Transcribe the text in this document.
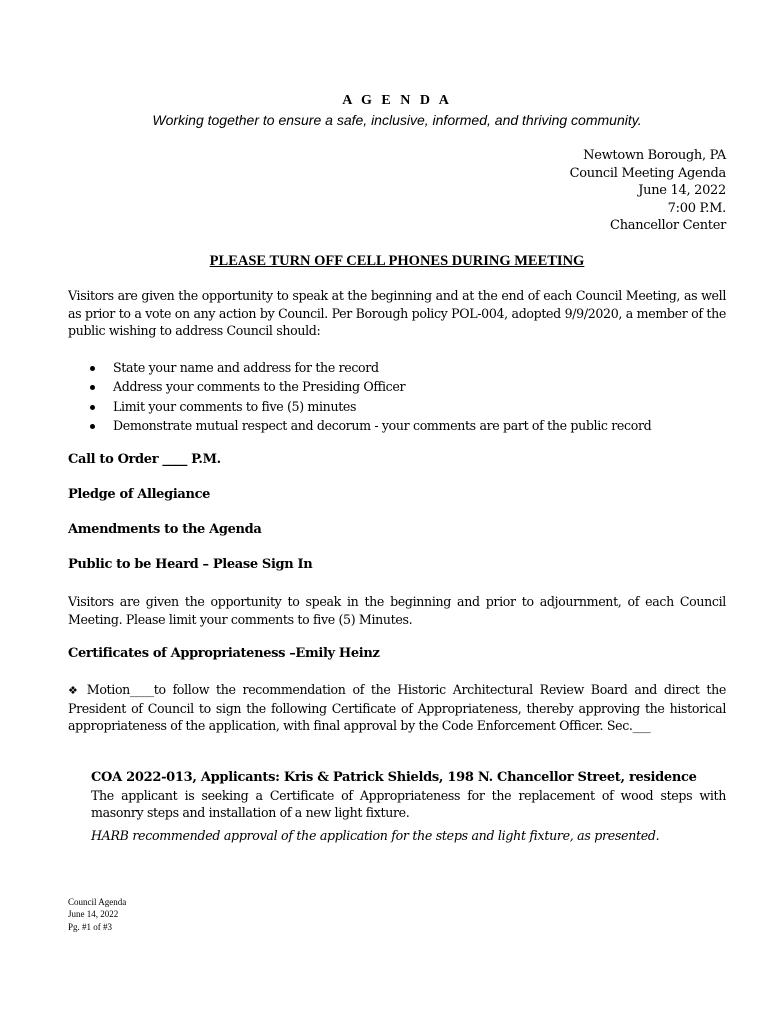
A G E N D A
Working together to ensure a safe, inclusive, informed, and thriving community.
Newtown Borough, PA
Council Meeting Agenda
June 14, 2022
7:00 P.M.
Chancellor Center
PLEASE TURN OFF CELL PHONES DURING MEETING
Visitors are given the opportunity to speak at the beginning and at the end of each Council Meeting, as well as prior to a vote on any action by Council. Per Borough policy POL-004, adopted 9/9/2020, a member of the public wishing to address Council should:
State your name and address for the record
Address your comments to the Presiding Officer
Limit your comments to five (5) minutes
Demonstrate mutual respect and decorum - your comments are part of the public record
Call to Order ____ P.M.
Pledge of Allegiance
Amendments to the Agenda
Public to be Heard – Please Sign In
Visitors are given the opportunity to speak in the beginning and prior to adjournment, of each Council Meeting. Please limit your comments to five (5) Minutes.
Certificates of Appropriateness –Emily Heinz
❖ Motion____to follow the recommendation of the Historic Architectural Review Board and direct the President of Council to sign the following Certificate of Appropriateness, thereby approving the historical appropriateness of the application, with final approval by the Code Enforcement Officer. Sec.___
COA 2022-013, Applicants: Kris & Patrick Shields, 198 N. Chancellor Street, residence
The applicant is seeking a Certificate of Appropriateness for the replacement of wood steps with masonry steps and installation of a new light fixture.
HARB recommended approval of the application for the steps and light fixture, as presented.
Council Agenda
June 14, 2022
Pg. #1 of #3
